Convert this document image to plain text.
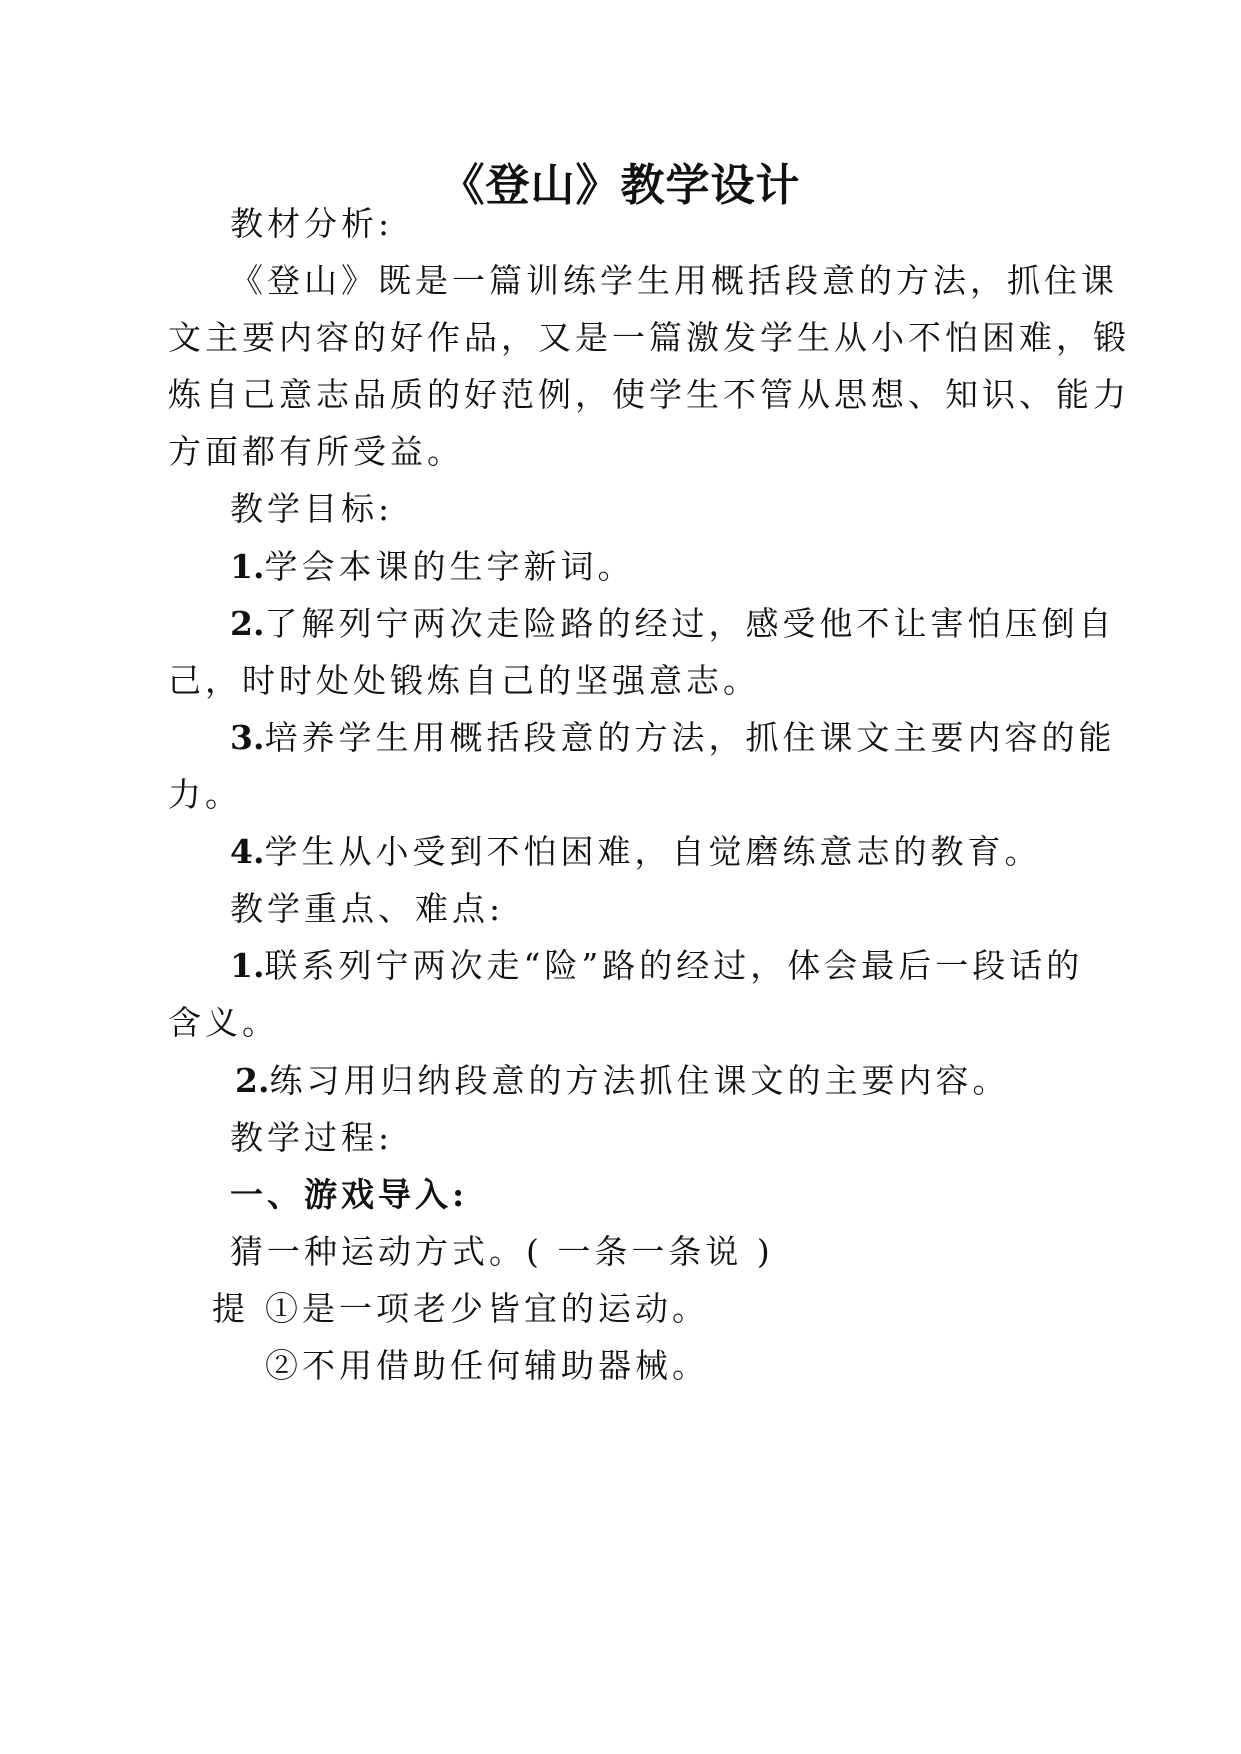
《登山》教学设计
教材分析:
《登山》既是一篇训练学生用概括段意的方法，抓住课
文主要内容的好作品，又是一篇激发学生从小不怕困难，锻
炼自己意志品质的好范例，使学生不管从思想、知识、能力
方面都有所受益。
教学目标:
1.学会本课的生字新词。
2.了解列宁两次走险路的经过，感受他不让害怕压倒自
己，时时处处锻炼自己的坚强意志。
3.培养学生用概括段意的方法，抓住课文主要内容的能
力。
4.学生从小受到不怕困难，自觉磨练意志的教育。
教学重点、难点:
1.联系列宁两次走“险”路的经过，体会最后一段话的
含义。
2.练习用归纳段意的方法抓住课文的主要内容。
教学过程:
一、游戏导入:
猜一种运动方式。( 一条一条说 )
提 ①是一项老少皆宜的运动。
②不用借助任何辅助器械。
